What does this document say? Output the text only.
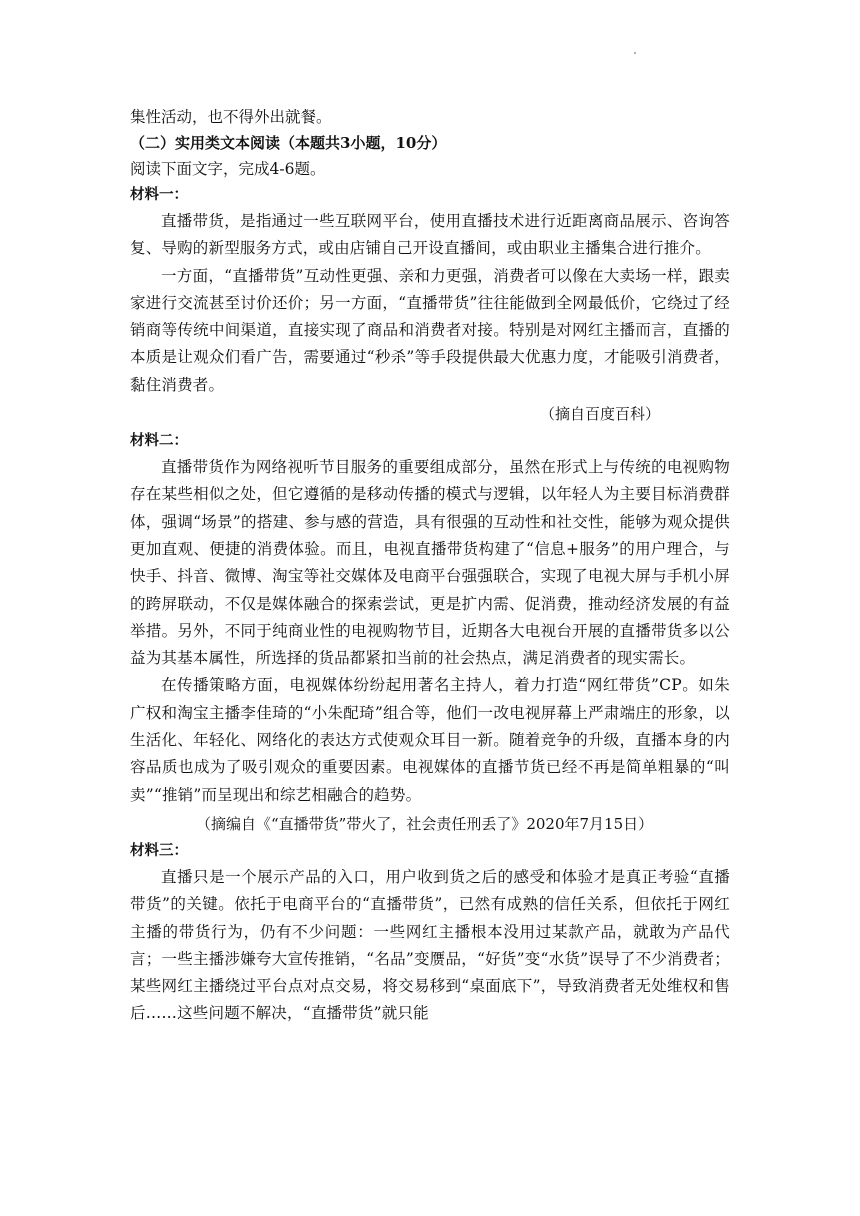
集性活动，也不得外出就餐。

（二）实用类文本阅读（本题共3小题，10分）

阅读下面文字，完成4-6题。

材料一：

直播带货，是指通过一些互联网平台，使用直播技术进行近距离商品展示、咨询答复、导购的新型服务方式，或由店铺自己开设直播间，或由职业主播集合进行推介。

一方面，“直播带货”互动性更强、亲和力更强，消费者可以像在大卖场一样，跟卖家进行交流甚至讨价还价；另一方面，“直播带货”往往能做到全网最低价，它绕过了经销商等传统中间渠道，直接实现了商品和消费者对接。特别是对网红主播而言，直播的本质是让观众们看广告，需要通过“秒杀”等手段提供最大优惠力度，才能吸引消费者，黏住消费者。

（摘自百度百科）

材料二：

直播带货作为网络视听节目服务的重要组成部分，虽然在形式上与传统的电视购物存在某些相似之处，但它遵循的是移动传播的模式与逻辑，以年轻人为主要目标消费群体，强调“场景”的搭建、参与感的营造，具有很强的互动性和社交性，能够为观众提供更加直观、便捷的消费体验。而且，电视直播带货构建了“信息+服务”的用户理合，与快手、抖音、微博、淘宝等社交媒体及电商平台强强联合，实现了电视大屏与手机小屏的跨屏联动，不仅是媒体融合的探索尝试，更是扩内需、促消费，推动经济发展的有益举措。另外，不同于纯商业性的电视购物节目，近期各大电视台开展的直播带货多以公益为其基本属性，所选择的货品都紧扣当前的社会热点，满足消费者的现实需长。

在传播策略方面，电视媒体纷纷起用著名主持人，着力打造“网红带货”CP。如朱广权和淘宝主播李佳琦的“小朱配琦”组合等，他们一改电视屏幕上严肃端庄的形象，以生活化、年轻化、网络化的表达方式使观众耳目一新。随着竞争的升级，直播本身的内容品质也成为了吸引观众的重要因素。电视媒体的直播节货已经不再是简单粗暴的“叫卖”“推销”而呈现出和综艺相融合的趋势。

（摘编自《“直播带货”带火了，社会责任刑丢了》2020年7月15日）

材料三：

直播只是一个展示产品的入口，用户收到货之后的感受和体验才是真正考验“直播带货”的关键。依托于电商平台的“直播带货”，已然有成熟的信任关系，但依托于网红主播的带货行为，仍有不少问题：一些网红主播根本没用过某款产品，就敢为产品代言；一些主播涉嫌夸大宣传推销，“名品”变赝品，“好货”变“水货”误导了不少消费者；某些网红主播绕过平台点对点交易，将交易移到“桌面底下”，导致消费者无处维权和售后……这些问题不解决，“直播带货”就只能
